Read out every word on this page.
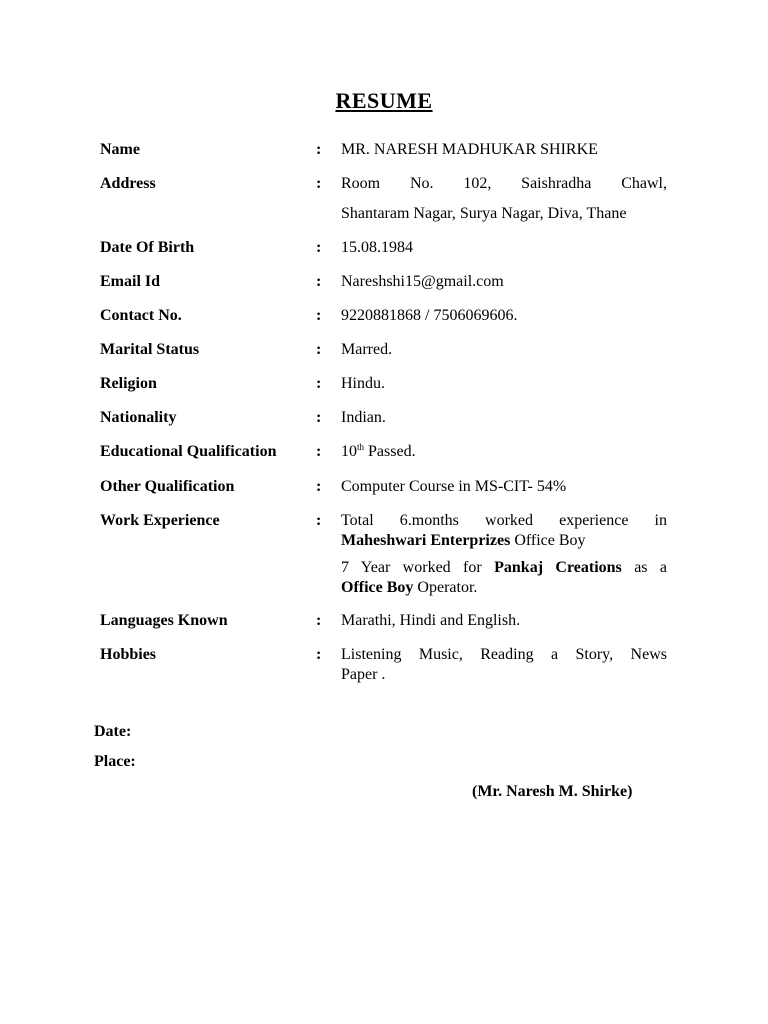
RESUME
Name	: MR. NARESH MADHUKAR SHIRKE
Address	: Room No. 102, Saishradha Chawl,
Shantaram Nagar, Surya Nagar, Diva, Thane
Date Of Birth	: 15.08.1984
Email Id	: Nareshshi15@gmail.com
Contact No.	: 9220881868 / 7506069606.
Marital Status	: Marred.
Religion	: Hindu.
Nationality	: Indian.
Educational Qualification : 10th Passed.
Other Qualification	: Computer Course in MS-CIT- 54%
Work Experience	: Total 6.months worked experience in
Maheshwari Enterprizes Office Boy
7 Year worked for Pankaj Creations as a
Office Boy Operator.
Languages Known	: Marathi, Hindi and English.
Hobbies	: Listening Music, Reading a Story, News
Paper .
Date:
Place:
(Mr. Naresh M. Shirke)
